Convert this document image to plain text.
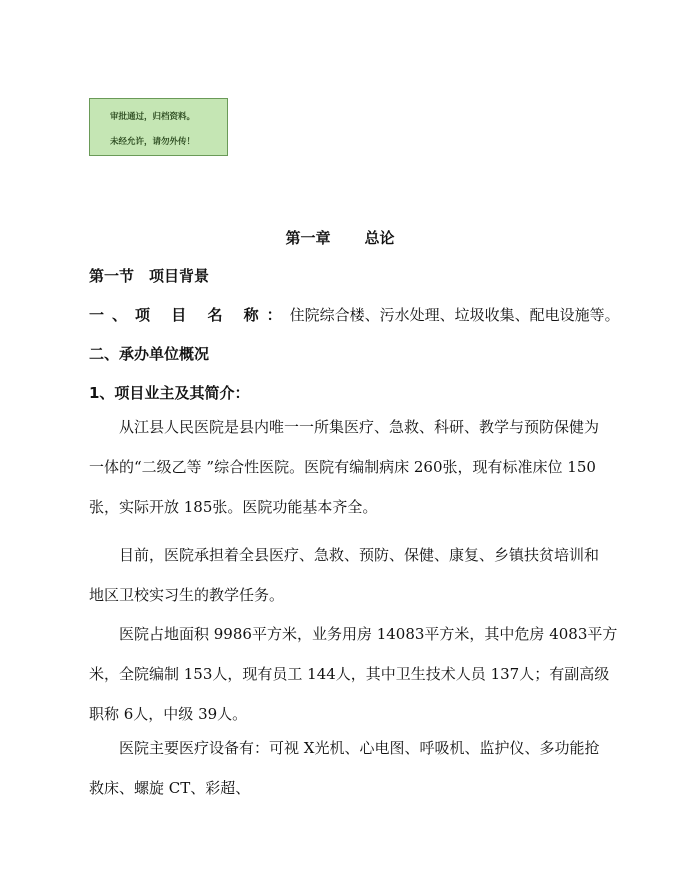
审批通过，归档资料。
未经允许，请勿外传！
第一章 总论
第一节 项目背景
一、项 目 名 称：住院综合楼、污水处理、垃圾收集、配电设施等。
二、承办单位概况
1、项目业主及其简介：
从江县人民医院是县内唯一一所集医疗、急救、科研、教学与预防保健为
一体的“二级乙等 ”综合性医院。医院有编制病床 260张，现有标准床位 150
张，实际开放 185张。医院功能基本齐全。
目前，医院承担着全县医疗、急救、预防、保健、康复、乡镇扶贫培训和
地区卫校实习生的教学任务。
医院占地面积 9986平方米，业务用房 14083平方米，其中危房 4083平方
米，全院编制 153人，现有员工 144人，其中卫生技术人员 137人；有副高级
职称 6人，中级 39人。
医院主要医疗设备有：可视 X光机、心电图、呼吸机、监护仪、多功能抢
救床、螺旋 CT、彩超、
